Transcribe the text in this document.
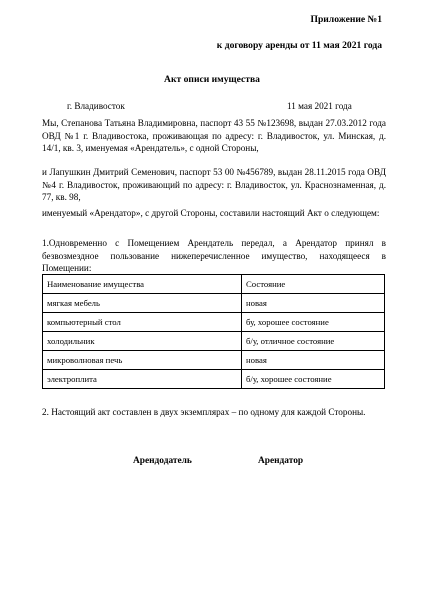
Приложение №1
к договору аренды от 11 мая 2021 года
Акт описи имущества
г. Владивосток	11 мая 2021 года
Мы, Степанова Татьяна Владимировна, паспорт 43 55 №123698, выдан 27.03.2012 года ОВД №1 г. Владивостока, проживающая по адресу: г. Владивосток, ул. Минская, д. 14/1, кв. 3, именуемая «Арендатель», с одной Стороны,
и Лапушкин Дмитрий Семенович, паспорт 53 00 №456789, выдан 28.11.2015 года ОВД №4 г. Владивосток, проживающий по адресу: г. Владивосток, ул. Краснознаменная, д. 77, кв. 98,
именуемый «Арендатор», с другой Стороны, составили настоящий Акт о следующем:
1.Одновременно с Помещением Арендатель передал, а Арендатор принял в безвозмездное пользование нижеперечисленное имущество, находящееся в Помещении:
Наименование имущества	Состояние
мягкая мебель	новая
компьютерный стол	бу, хорошее состояние
холодильник	б/у, отличное состояние
микроволновая печь	новая
электроплита	б/у, хорошее состояние
2. Настоящий акт составлен в двух экземплярах – по одному для каждой Стороны.
Арендодатель	Арендатор
